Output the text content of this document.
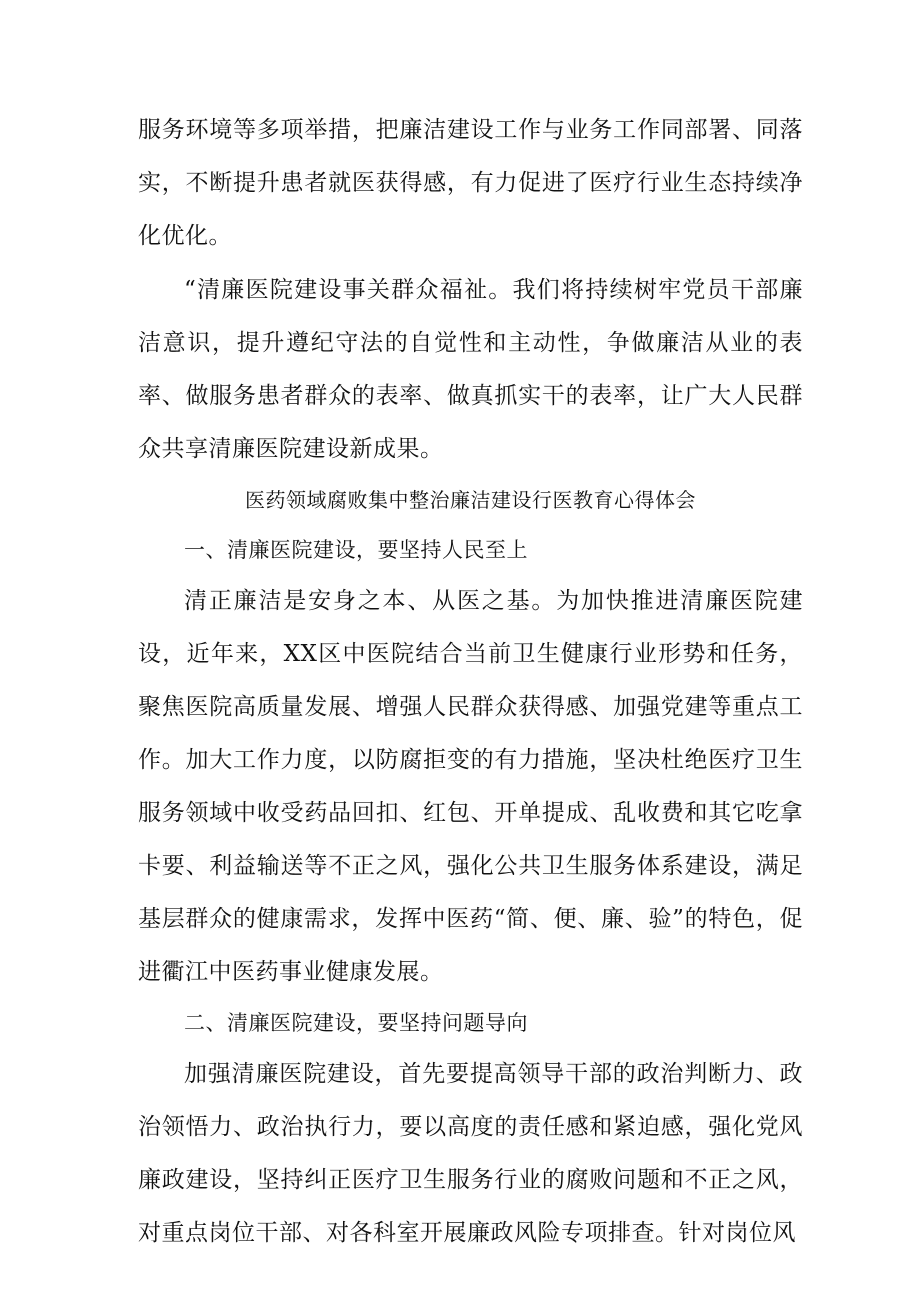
服务环境等多项举措，把廉洁建设工作与业务工作同部署、同落实，不断提升患者就医获得感，有力促进了医疗行业生态持续净化优化。

“清廉医院建设事关群众福祉。我们将持续树牢党员干部廉洁意识，提升遵纪守法的自觉性和主动性，争做廉洁从业的表率、做服务患者群众的表率、做真抓实干的表率，让广大人民群众共享清廉医院建设新成果。

医药领域腐败集中整治廉洁建设行医教育心得体会

一、清廉医院建设，要坚持人民至上

清正廉洁是安身之本、从医之基。为加快推进清廉医院建设，近年来，XX区中医院结合当前卫生健康行业形势和任务，聚焦医院高质量发展、增强人民群众获得感、加强党建等重点工作。加大工作力度，以防腐拒变的有力措施，坚决杜绝医疗卫生服务领域中收受药品回扣、红包、开单提成、乱收费和其它吃拿卡要、利益输送等不正之风，强化公共卫生服务体系建设，满足基层群众的健康需求，发挥中医药“简、便、廉、验”的特色，促进衢江中医药事业健康发展。

二、清廉医院建设，要坚持问题导向

加强清廉医院建设，首先要提高领导干部的政治判断力、政治领悟力、政治执行力，要以高度的责任感和紧迫感，强化党风廉政建设，坚持纠正医疗卫生服务行业的腐败问题和不正之风，对重点岗位干部、对各科室开展廉政风险专项排查。针对岗位风
